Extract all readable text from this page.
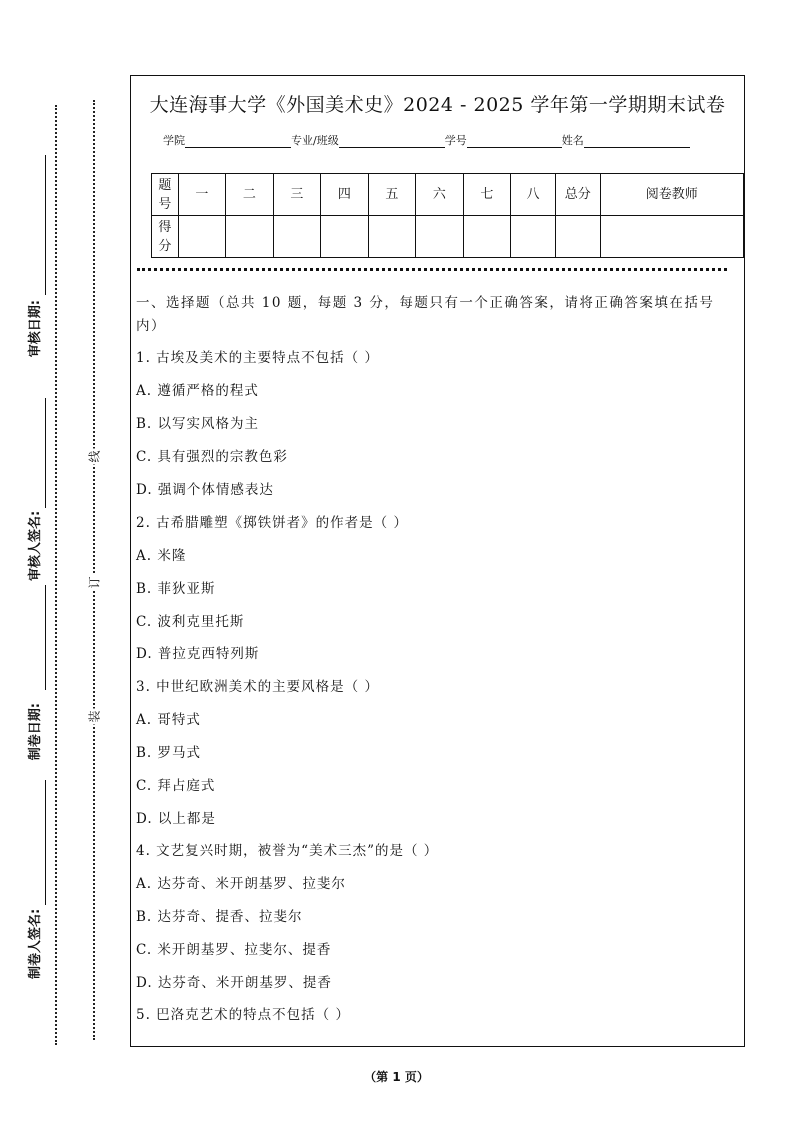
审核日期:
审核人签名:
制卷日期:
制卷人签名:
线
订
装
大连海事大学《外国美术史》2024 - 2025 学年第一学期期末试卷
学院	专业/班级	学号	姓名
题号	一	二	三	四	五	六	七	八	总分	阅卷教师
得分										
一、选择题（总共 10 题，每题 3 分，每题只有一个正确答案，请将正确答案填在括号内）
1. 古埃及美术的主要特点不包括（ ）
A. 遵循严格的程式
B. 以写实风格为主
C. 具有强烈的宗教色彩
D. 强调个体情感表达
2. 古希腊雕塑《掷铁饼者》的作者是（ ）
A. 米隆
B. 菲狄亚斯
C. 波利克里托斯
D. 普拉克西特列斯
3. 中世纪欧洲美术的主要风格是（ ）
A. 哥特式
B. 罗马式
C. 拜占庭式
D. 以上都是
4. 文艺复兴时期，被誉为“美术三杰”的是（ ）
A. 达芬奇、米开朗基罗、拉斐尔
B. 达芬奇、提香、拉斐尔
C. 米开朗基罗、拉斐尔、提香
D. 达芬奇、米开朗基罗、提香
5. 巴洛克艺术的特点不包括（ ）
（第 1 页）
